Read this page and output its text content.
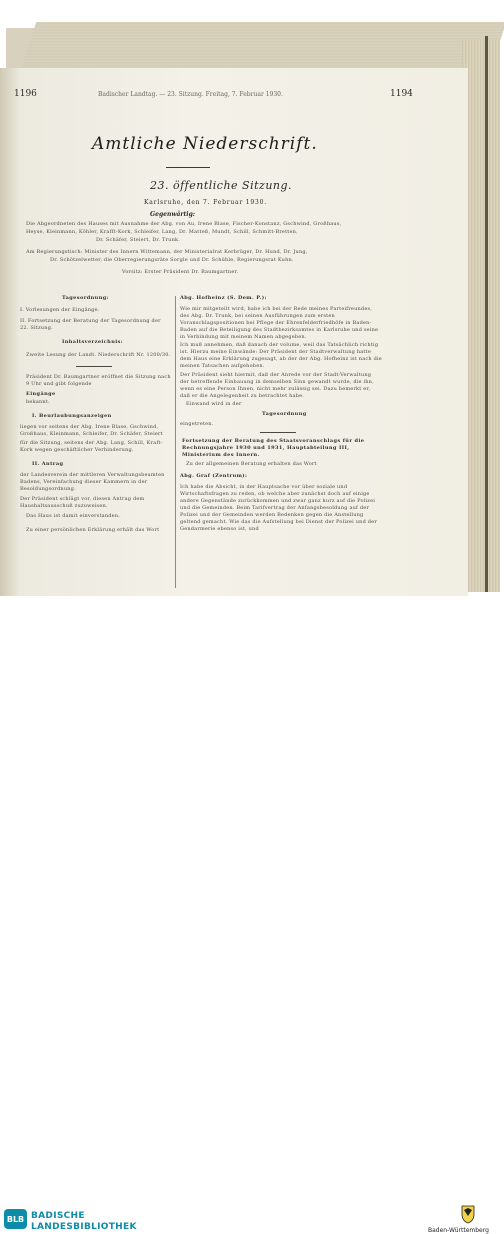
1196	Badischer Landtag. — 23. Sitzung. Freitag, 7. Februar 1930.	1194
Amtliche Niederschrift.
23. öffentliche Sitzung.
Karlsruhe, den 7. Februar 1930.
Gegenwärtig:
Die Abgeordneten des Hauses mit Ausnahme der Abg. von Au, Irene Blase, Fischer-Konstanz, Gschwind, Großhaus,
Heyse, Kleinmann, Köhler, Krafft-Kork, Schleifer, Lang, Dr. Matteß, Mundt, Schill, Schmitt-Bretten,
Dr. Schäfer, Steiert, Dr. Trunk.
Am Regierungstisch: Minister des Innern Wittemann, der Ministerialrat Kerbrüger, Dr. Hund, Dr. Jung,
Dr. Schötzelwetter, die Oberregierungsräte Sorgle und Dr. Schühle, Regierungsrat Kuhn.
Vorsitz: Erster Präsident Dr. Baumgartner.
Tagesordnung:
I. Vorlesungen der Eingänge.
II. Fortsetzung der Beratung der Tagesordnung der 22. Sitzung.
Inhaltsverzeichnis:
Zweite Lesung der Landt. Niederschrift Nr. 1200/30.
Präsident Dr. Baumgartner eröffnet die Sitzung nach 9 Uhr und gibt folgende
Eingänge
bekannt.
I. Beurlaubungsanzeigen
liegen vor seitens der Abg. Irene Blase, Gschwind, Großhaus, Kleinmann, Schleifer, Dr. Schäfer, Steiert
für die Sitzung, seitens der Abg. Lang, Schill, Kraft-Kork wegen geschäftlicher Verhinderung.
II. Antrag
der Landesverein der mittleren Verwaltungsbeamten Badens, Vereinfachung dieser Kammern in der Besoldungsordnung.
Der Präsident schlägt vor, diesen Antrag dem Haushaltsausschuß zuzuweisen.
Das Haus ist damit einverstanden.
Zu einer persönlichen Erklärung erhält das Wort
Abg. Hofheinz (S. Dem. P.):
Wie mir mitgeteilt wird, habe ich bei der Rede meines Parteifreundes, des Abg. Dr. Trunk, bei seinen Ausführungen zum ersten Voranschlagspositionen bei Pflege der Ehrenfelderfriedhöfe in Baden-Baden auf die Beteiligung des Stadtbezirksamtes in Karlsruhe und seine in Verbindung mit meinem Namen abgegeben.
Ich muß annehmen, daß danach der volume, weil das Tatsächlich richtig ist. Hierzu meine Einwände: Der Präsident der Stadtverwaltung hatte dem Haus eine Erklärung zugesagt, ab der der Abg. Hofheinz ist nach die meinen Tatsachen aufgehoben.
Der Präsident sieht hiermit, daß der Anrede vor der Stadt-Verwaltung der betreffende Einbauung in demselben Sinn gewandt wurde, die ihn, wenn es eine Person Ihnen, nicht mehr zulässig sei. Dazu bemerkt er, daß er die Angelegenheit zu betrachtet habe.
Einwand wird in der
Tagesordnung
eingetreten.
Fortsetzung der Beratung des Staatsvoranschlags für die Rechnungsjahre 1930 und 1931, Hauptabteilung III, Ministerium des Innern.
Zu der allgemeinen Beratung erhalten das Wort
Abg. Graf (Zentrum):
Ich habe die Absicht, in der Hauptsache vor über soziale und Wirtschaftsfragen zu reden, ob welche aber zunächst doch auf einige andere Gegenstände zurückkommen und zwar ganz kurz auf die Polizei und die Gemeinden. Beim Tarifvertrag der Anfangsbesoldung auf der Polizei und der Gemeinden werden Bedenken gegen die Anstellung geltend gemacht. Wie das die Aufstellung bei Dienst der Polizei und der Gendarmerie ebenso ist, und
BLB BADISCHE
LANDESBIBLIOTHEK	Baden-Württemberg
